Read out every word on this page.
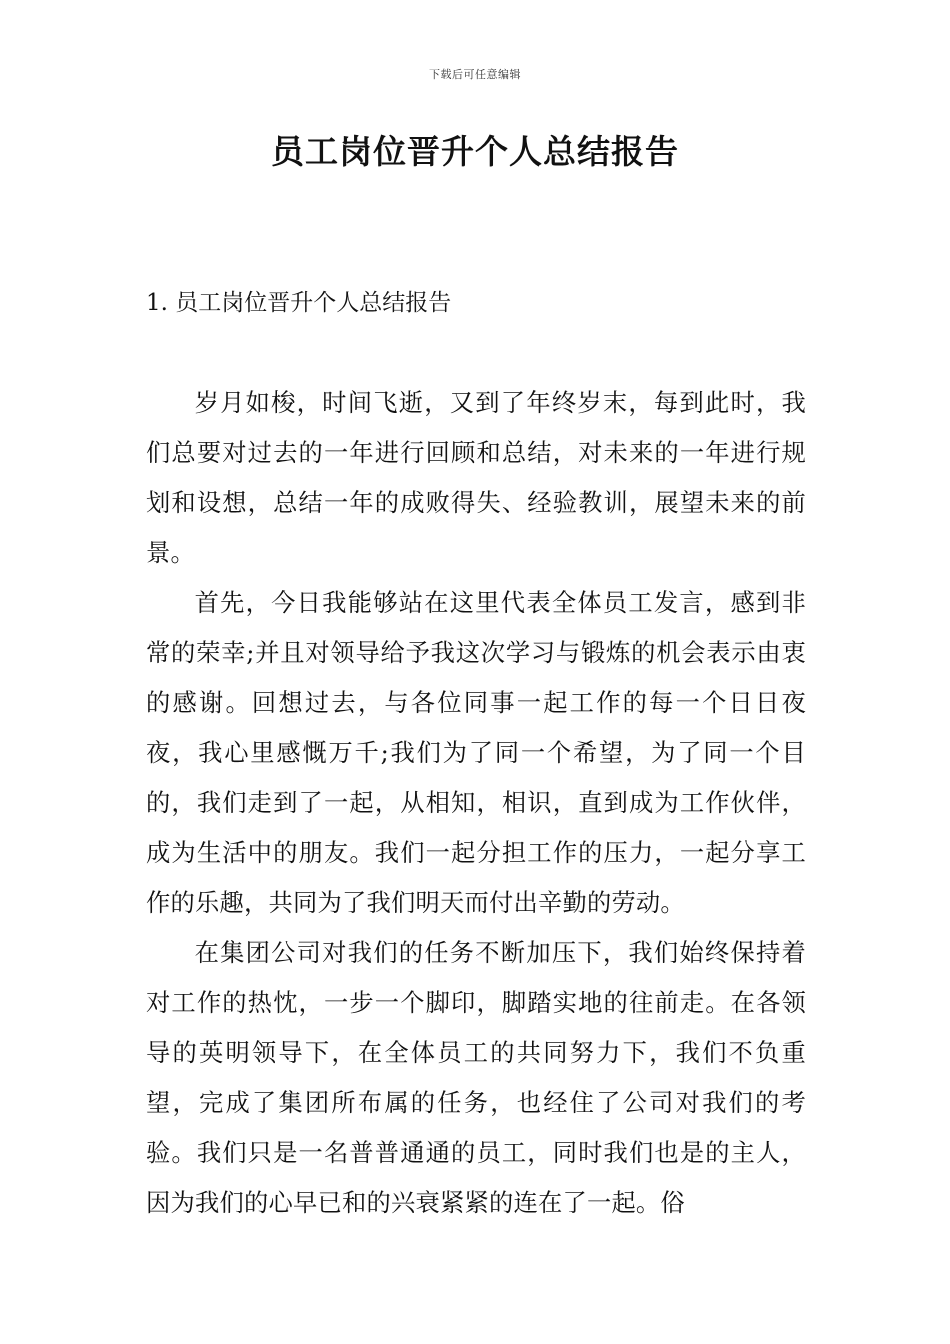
下载后可任意编辑
员工岗位晋升个人总结报告
1. 员工岗位晋升个人总结报告

岁月如梭，时间飞逝，又到了年终岁末，每到此时，我们总要对过去的一年进行回顾和总结，对未来的一年进行规划和设想，总结一年的成败得失、经验教训，展望未来的前景。

首先，今日我能够站在这里代表全体员工发言，感到非常的荣幸;并且对领导给予我这次学习与锻炼的机会表示由衷的感谢。回想过去，与各位同事一起工作的每一个日日夜夜，我心里感慨万千;我们为了同一个希望，为了同一个目的，我们走到了一起，从相知，相识，直到成为工作伙伴，成为生活中的朋友。我们一起分担工作的压力，一起分享工作的乐趣，共同为了我们明天而付出辛勤的劳动。

在集团公司对我们的任务不断加压下，我们始终保持着对工作的热忱，一步一个脚印，脚踏实地的往前走。在各领导的英明领导下，在全体员工的共同努力下，我们不负重望，完成了集团所布属的任务，也经住了公司对我们的考验。我们只是一名普普通通的员工，同时我们也是的主人，因为我们的心早已和的兴衰紧紧的连在了一起。俗
